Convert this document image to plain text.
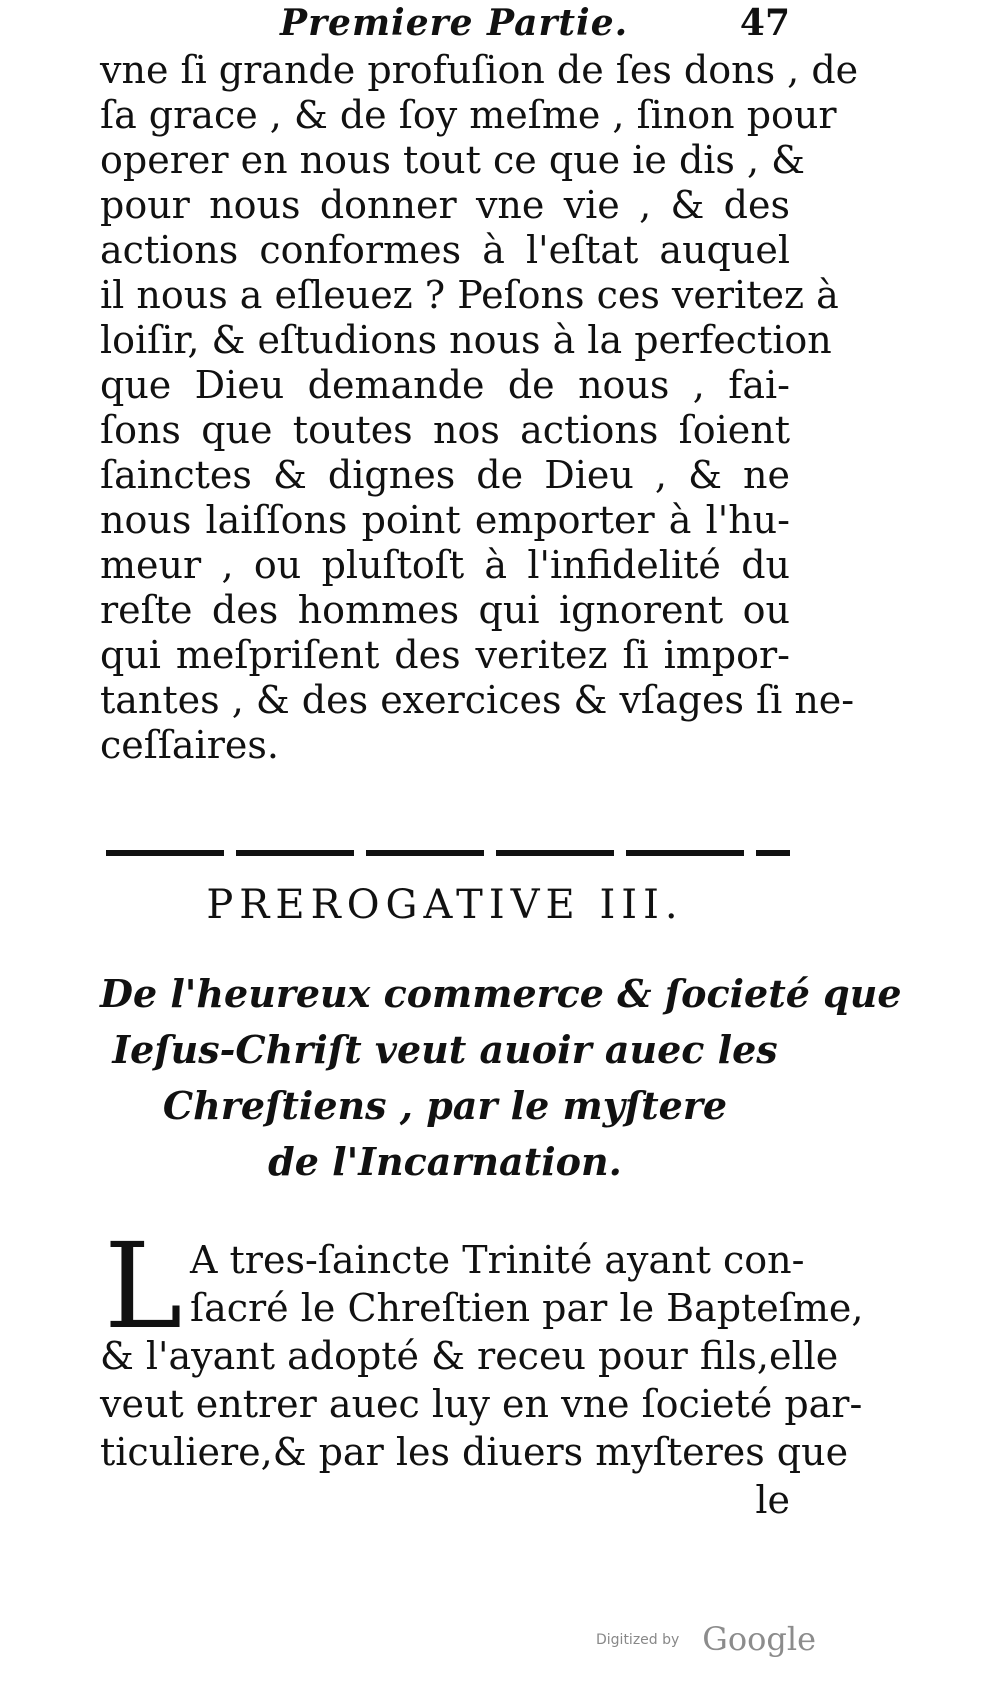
Premiere Partie.	47
vne ſi grande profuſion de ſes dons , de
ſa grace , & de ſoy meſme , ſinon pour
operer en nous tout ce que ie dis , &
pour nous donner vne vie , & des
actions conformes à l'eſtat auquel
il nous a eſleuez ? Peſons ces veritez à
loiſir, & eſtudions nous à la perfection
que Dieu demande de nous , fai-
ſons que toutes nos actions ſoient
ſainctes & dignes de Dieu , & ne
nous laiſſons point emporter à l'hu-
meur , ou pluſtoſt à l'infidelité du
reſte des hommes qui ignorent ou
qui meſpriſent des veritez ſi impor-
tantes , & des exercices & vſages ſi ne-
ceſſaires.
PREROGATIVE III.
De l'heureux commerce & ſocieté que
Ieſus-Chriſt veut auoir auec les
Chreſtiens , par le myſtere
de l'Incarnation.
L A tres-ſaincte Trinité ayant con-
ſacré le Chreſtien par le Bapteſme,
& l'ayant adopté & receu pour fils,elle
veut entrer auec luy en vne ſocieté par-
ticuliere,& par les diuers myſteres que
le
Digitized by Google
